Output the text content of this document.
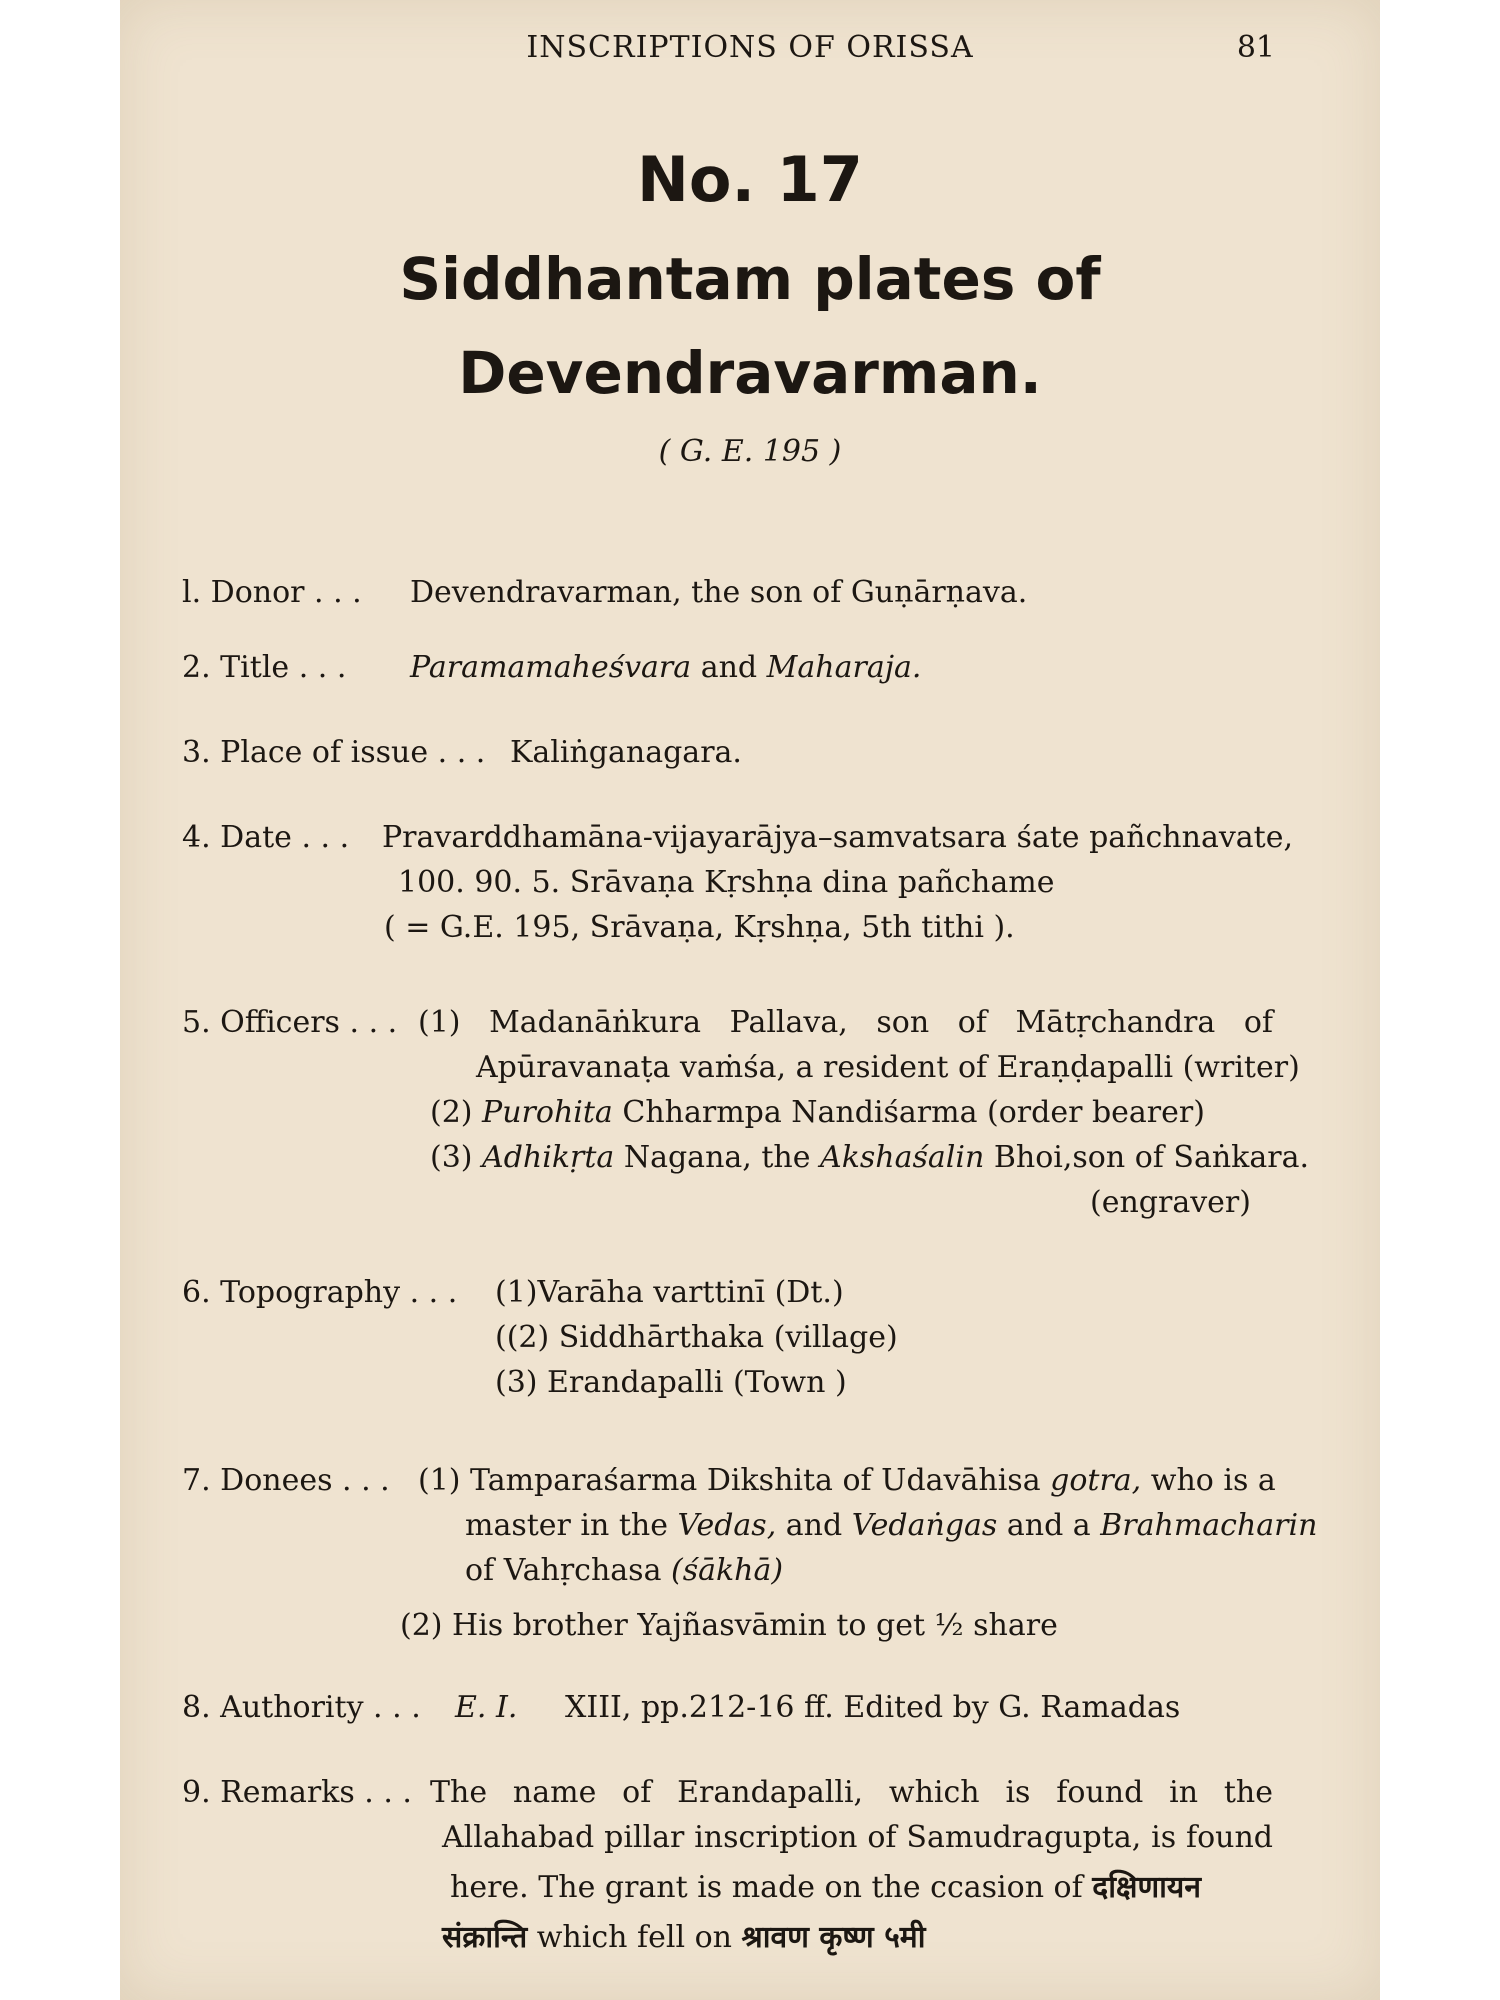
INSCRIPTIONS OF ORISSA	81
No. 17
Siddhantam plates of
Devendravarman.
( G. E. 195 )
l. Donor . . . Devendravarman, the son of Guṇārṇava.
2. Title . . . Paramamaheśvara and Maharaja.
3. Place of issue . . . Kaliṅganagara.
4. Date . . . Pravarddhamāna-vijayarājya–samvatsara śate pañchnavate,
100. 90. 5. Srāvaṇa Kṛshṇa dina pañchame
( = G.E. 195, Srāvaṇa, Kṛshṇa, 5th tithi ).
5. Officers . . . (1) Madanāṅkura Pallava, son of Mātṛchandra of
Apūravanaṭa vaṁśa, a resident of Eraṇḍapalli (writer)
(2) Purohita Chharmpa Nandiśarma (order bearer)
(3) Adhikṛta Nagana, the Akshaśalin Bhoi,son of Saṅkara.
(engraver)
6. Topography . . . (1)Varāha varttinī (Dt.)
((2) Siddhārthaka (village)
(3) Erandapalli (Town )
7. Donees . . . (1) Tamparaśarma Dikshita of Udavāhisa gotra, who is a
master in the Vedas, and Vedaṅgas and a Brahmacharin
of Vahṛchasa (śākhā)
(2) His brother Yajñasvāmin to get ½ share
8. Authority . . . E. I. XIII, pp.212-16 ff. Edited by G. Ramadas
9. Remarks . . . The name of Erandapalli, which is found in the
Allahabad pillar inscription of Samudragupta, is found
here. The grant is made on the ccasion of दक्षिणायन
संक्रान्ति which fell on श्रावण कृष्ण ५मी
